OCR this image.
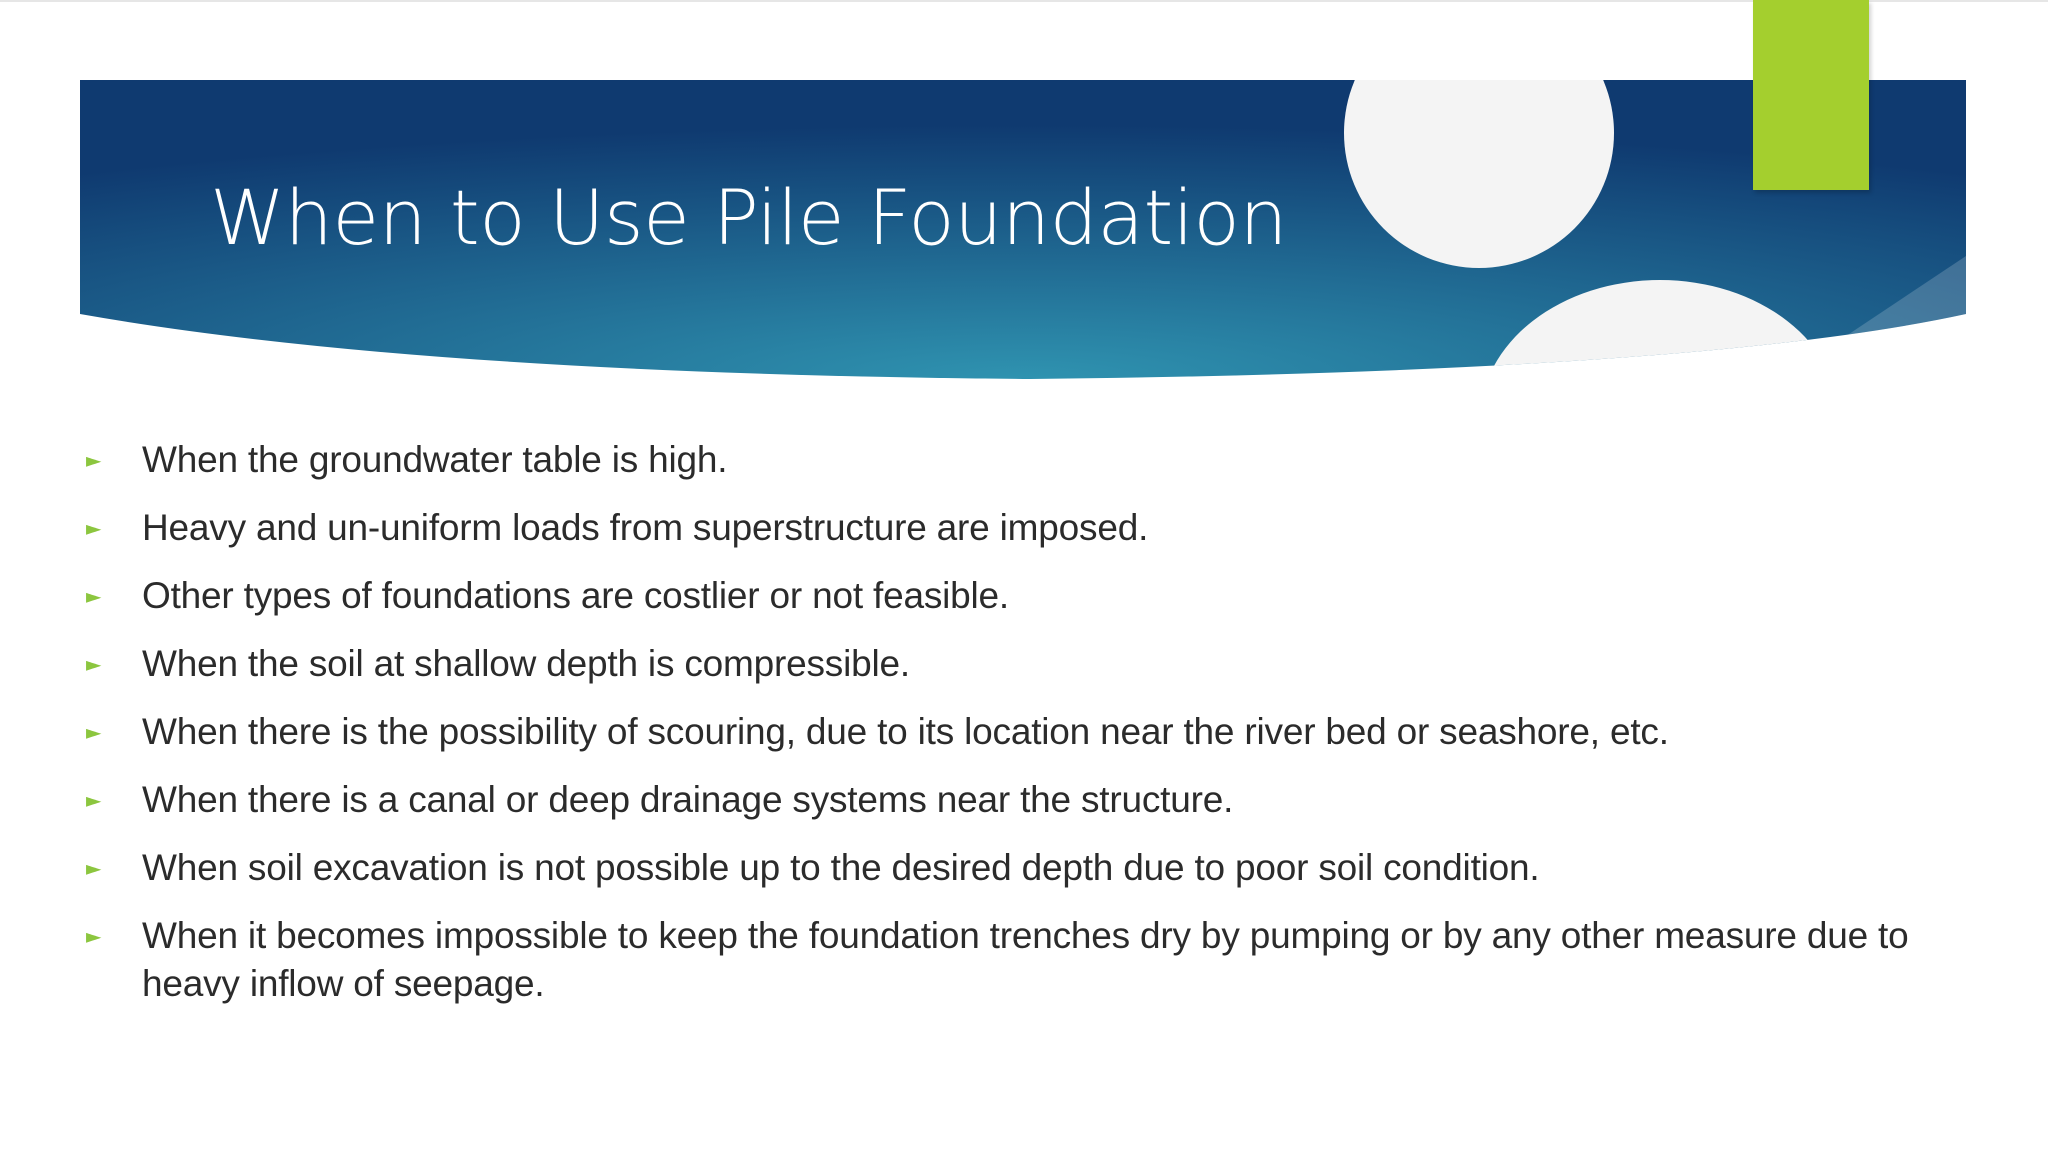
When to Use Pile Foundation
►	When the groundwater table is high.
►	Heavy and un-uniform loads from superstructure are imposed.
►	Other types of foundations are costlier or not feasible.
►	When the soil at shallow depth is compressible.
►	When there is the possibility of scouring, due to its location near the river bed or seashore, etc.
►	When there is a canal or deep drainage systems near the structure.
►	When soil excavation is not possible up to the desired depth due to poor soil condition.
►	When it becomes impossible to keep the foundation trenches dry by pumping or by any other measure due to heavy inflow of seepage.
